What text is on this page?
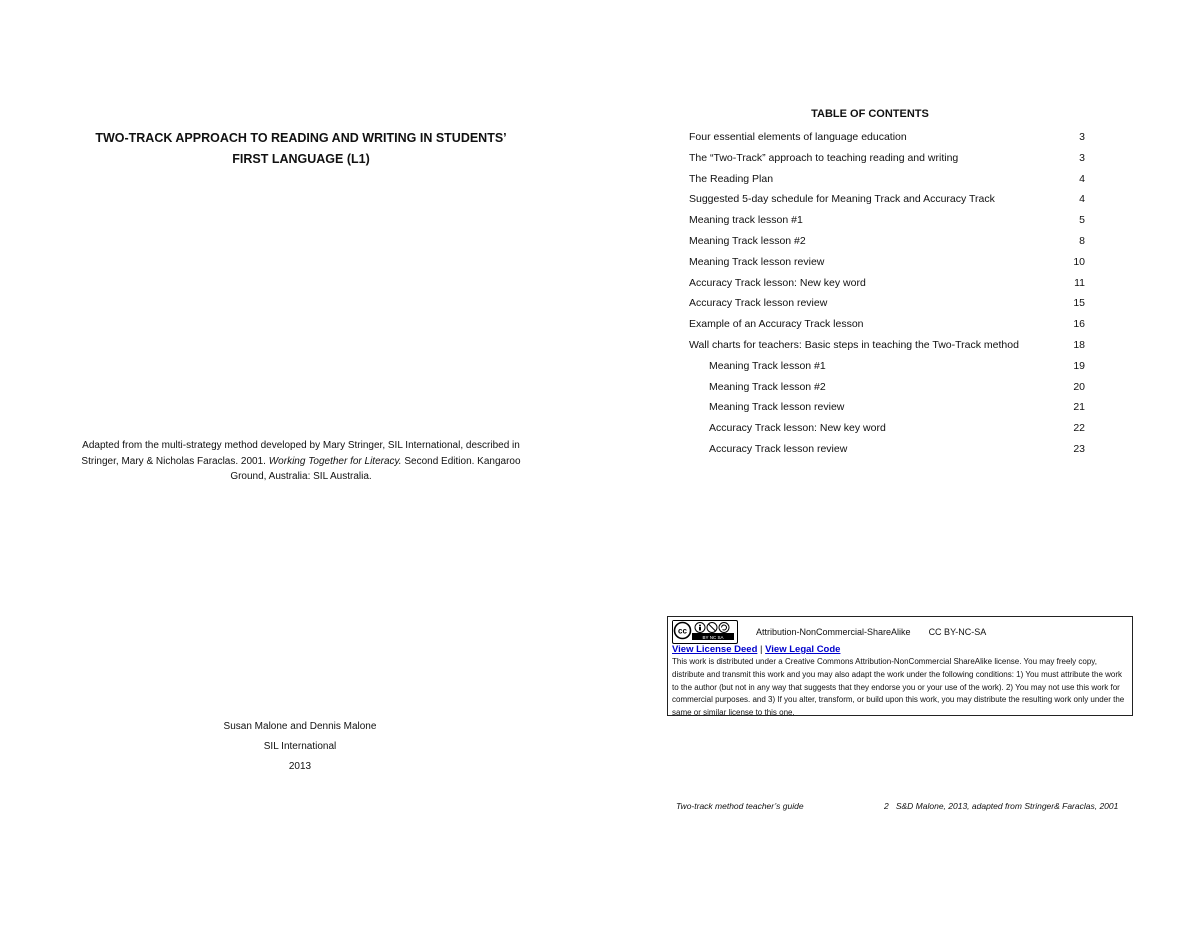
TWO-TRACK APPROACH TO READING AND WRITING IN STUDENTS’
FIRST LANGUAGE (L1)
Adapted from the multi-strategy method developed by Mary Stringer, SIL International, described in Stringer, Mary & Nicholas Faraclas. 2001. Working Together for Literacy. Second Edition. Kangaroo Ground, Australia: SIL Australia.
Susan Malone and Dennis Malone
SIL International
2013
TABLE OF CONTENTS
Four essential elements of language education	3
The “Two-Track” approach to teaching reading and writing	3
The Reading Plan	4
Suggested 5-day schedule for Meaning Track and Accuracy Track	4
Meaning track lesson #1	5
Meaning Track lesson #2	8
Meaning Track lesson review	10
Accuracy Track lesson: New key word	11
Accuracy Track lesson review	15
Example of an Accuracy Track lesson	16
Wall charts for teachers: Basic steps in teaching the Two-Track method	18
Meaning Track lesson #1	19
Meaning Track lesson #2	20
Meaning Track lesson review	21
Accuracy Track lesson: New key word	22
Accuracy Track lesson review	23
cc
BY NC SA
Attribution-NonCommercial-ShareAlike CC BY-NC-SA
View License Deed | View Legal Code
This work is distributed under a Creative Commons Attribution-NonCommercial ShareAlike license. You may freely copy, distribute and transmit this work and you may also adapt the work under the following conditions: 1) You must attribute the work to the author (but not in any way that suggests that they endorse you or your use of the work). 2) You may not use this work for commercial purposes. and 3) If you alter, transform, or build upon this work, you may distribute the resulting work only under the same or similar license to this one.
Two-track method teacher’s guide	2 S&D Malone, 2013, adapted from Stringer& Faraclas, 2001
